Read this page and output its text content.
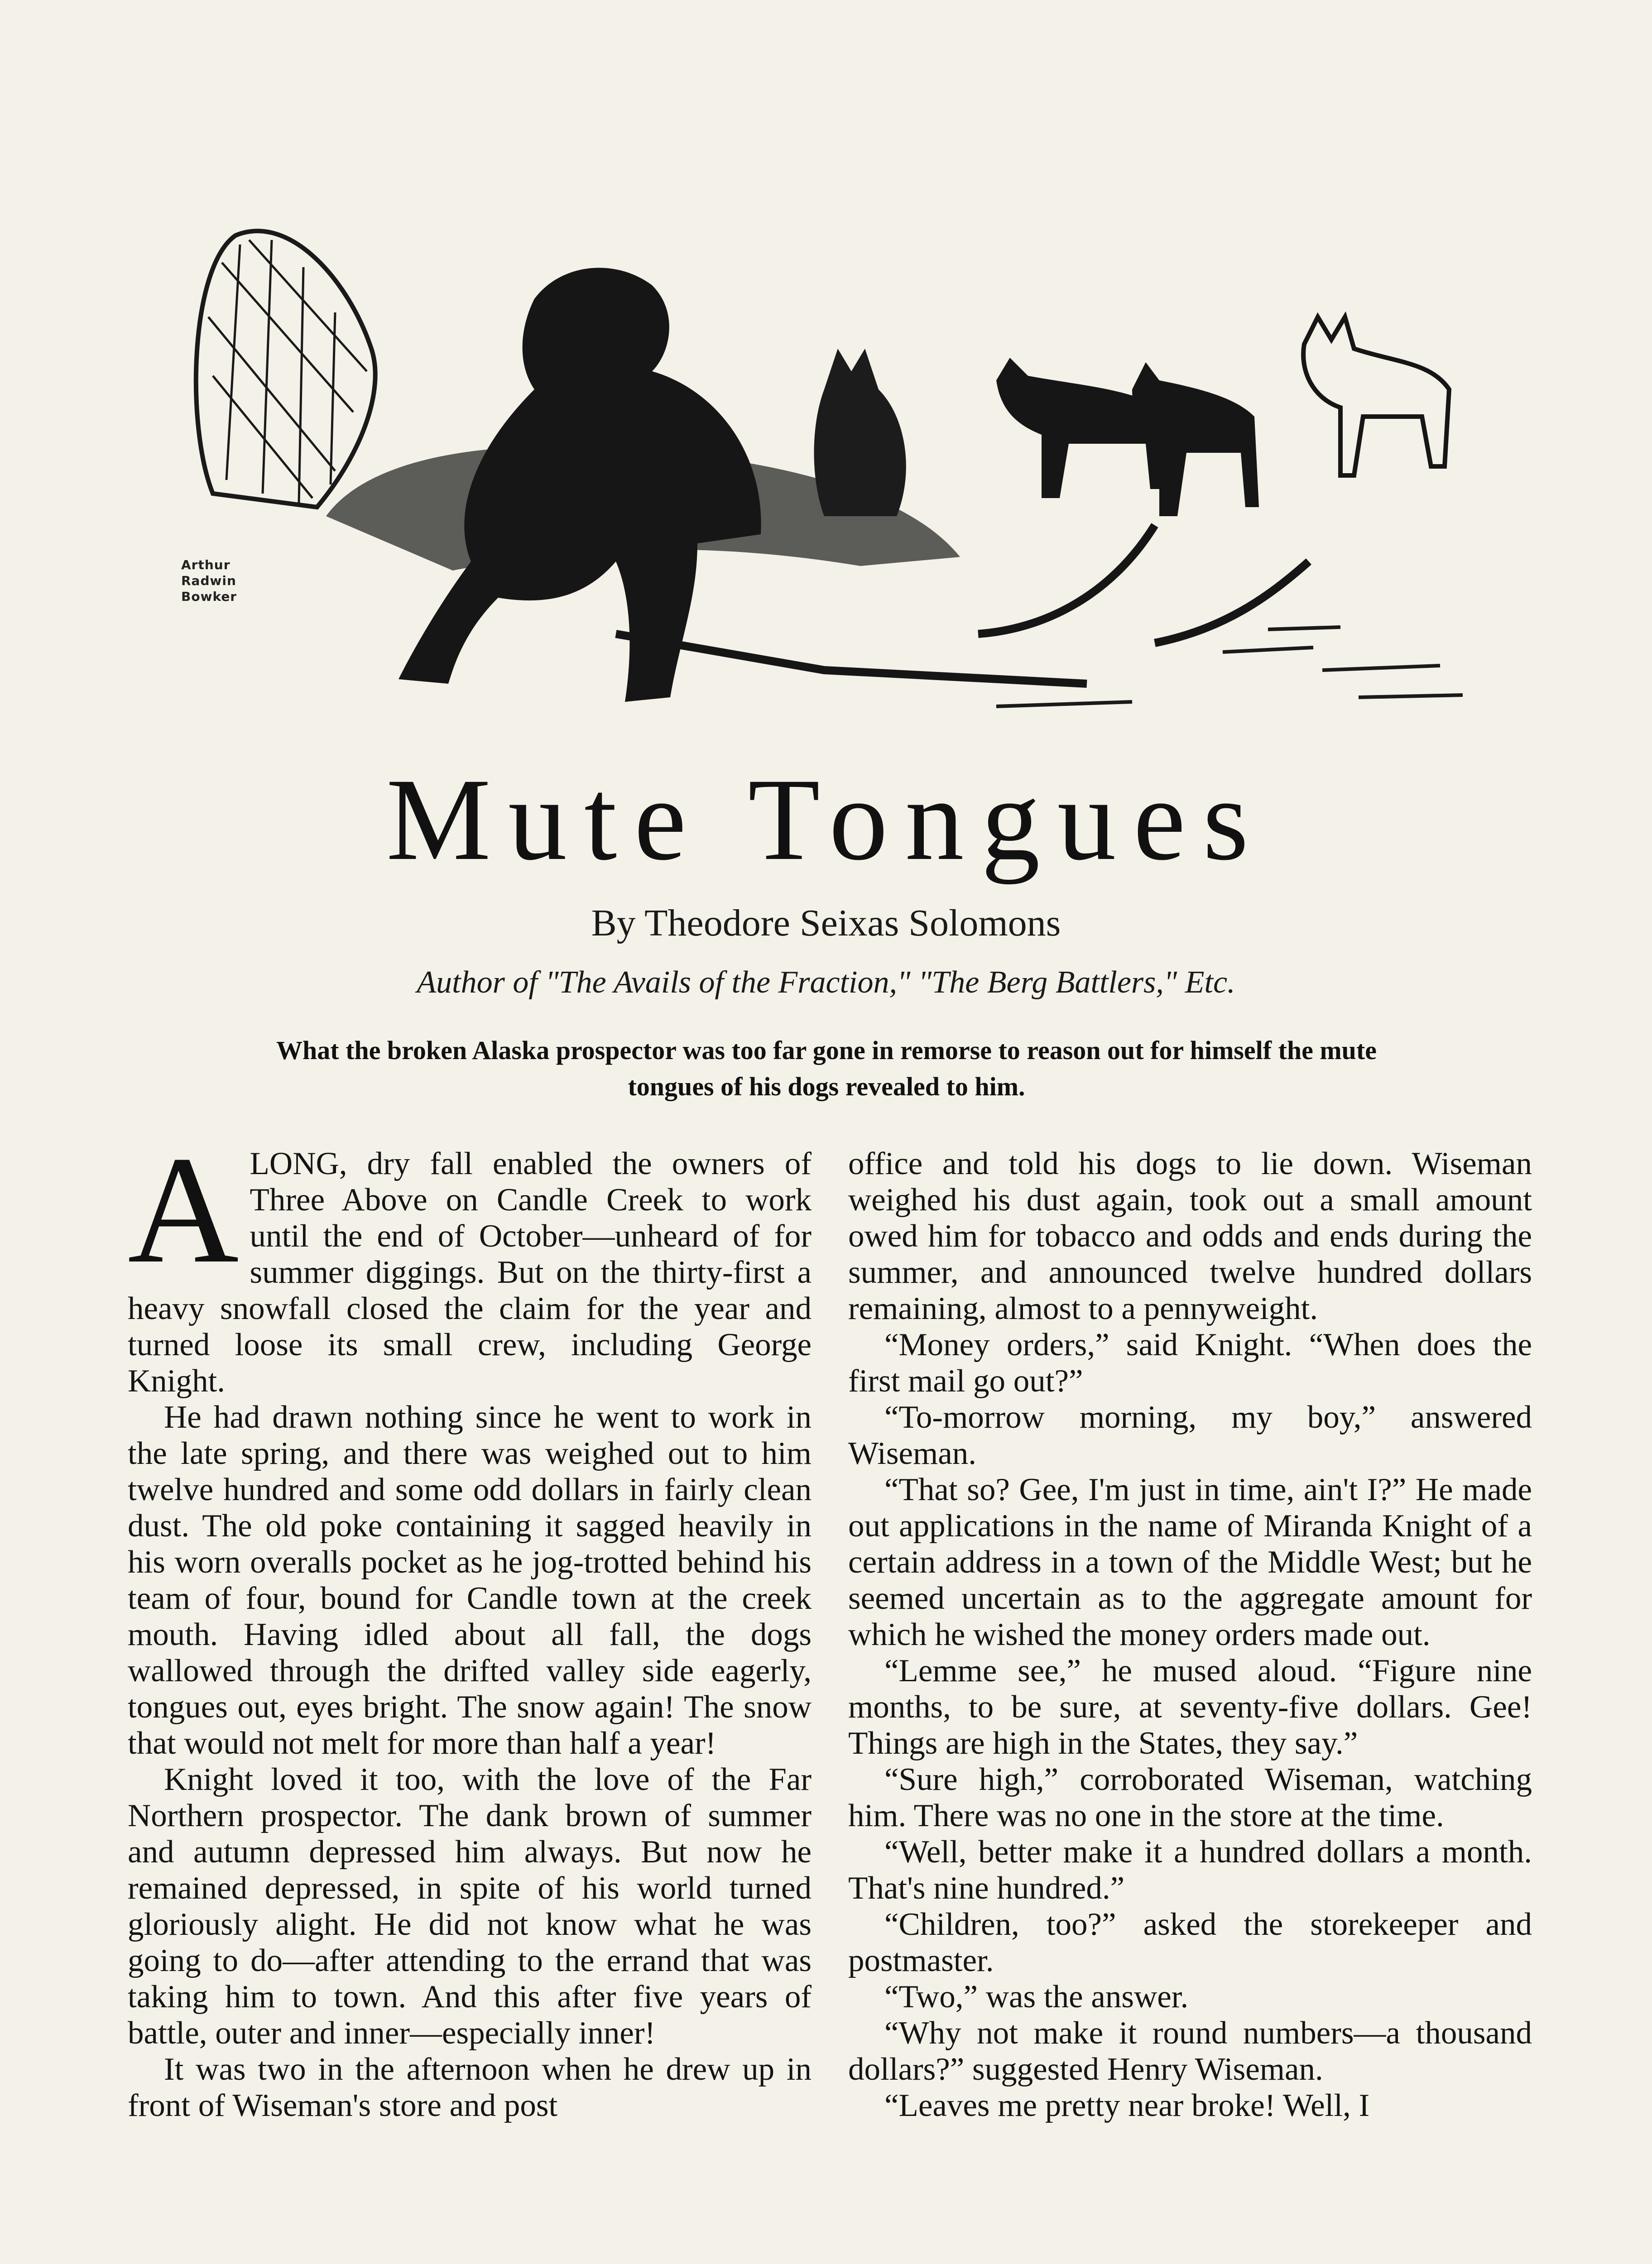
Arthur
Radwin
Bowker
Mute Tongues
By Theodore Seixas Solomons
Author of "The Avails of the Fraction," "The Berg Battlers," Etc.
What the broken Alaska prospector was too far gone in remorse to reason out for himself the mute tongues of his dogs revealed to him.
A LONG, dry fall enabled the owners of Three Above on Candle Creek to work until the end of October—unheard of for summer diggings. But on the thirty-first a heavy snowfall closed the claim for the year and turned loose its small crew, including George Knight.

He had drawn nothing since he went to work in the late spring, and there was weighed out to him twelve hundred and some odd dollars in fairly clean dust. The old poke containing it sagged heavily in his worn overalls pocket as he jog-trotted behind his team of four, bound for Candle town at the creek mouth. Having idled about all fall, the dogs wallowed through the drifted valley side eagerly, tongues out, eyes bright. The snow again! The snow that would not melt for more than half a year!

Knight loved it too, with the love of the Far Northern prospector. The dank brown of summer and autumn depressed him always. But now he remained depressed, in spite of his world turned gloriously alight. He did not know what he was going to do—after attending to the errand that was taking him to town. And this after five years of battle, outer and inner—especially inner!

It was two in the afternoon when he drew up in front of Wiseman's store and post

office and told his dogs to lie down. Wiseman weighed his dust again, took out a small amount owed him for tobacco and odds and ends during the summer, and announced twelve hundred dollars remaining, almost to a pennyweight.

“Money orders,” said Knight. “When does the first mail go out?”

“To-morrow morning, my boy,” answered Wiseman.

“That so? Gee, I'm just in time, ain't I?” He made out applications in the name of Miranda Knight of a certain address in a town of the Middle West; but he seemed uncertain as to the aggregate amount for which he wished the money orders made out.

“Lemme see,” he mused aloud. “Figure nine months, to be sure, at seventy-five dollars. Gee! Things are high in the States, they say.”

“Sure high,” corroborated Wiseman, watching him. There was no one in the store at the time.

“Well, better make it a hundred dollars a month. That's nine hundred.”

“Children, too?” asked the storekeeper and postmaster.

“Two,” was the answer.

“Why not make it round numbers—a thousand dollars?” suggested Henry Wiseman.

“Leaves me pretty near broke! Well, I
